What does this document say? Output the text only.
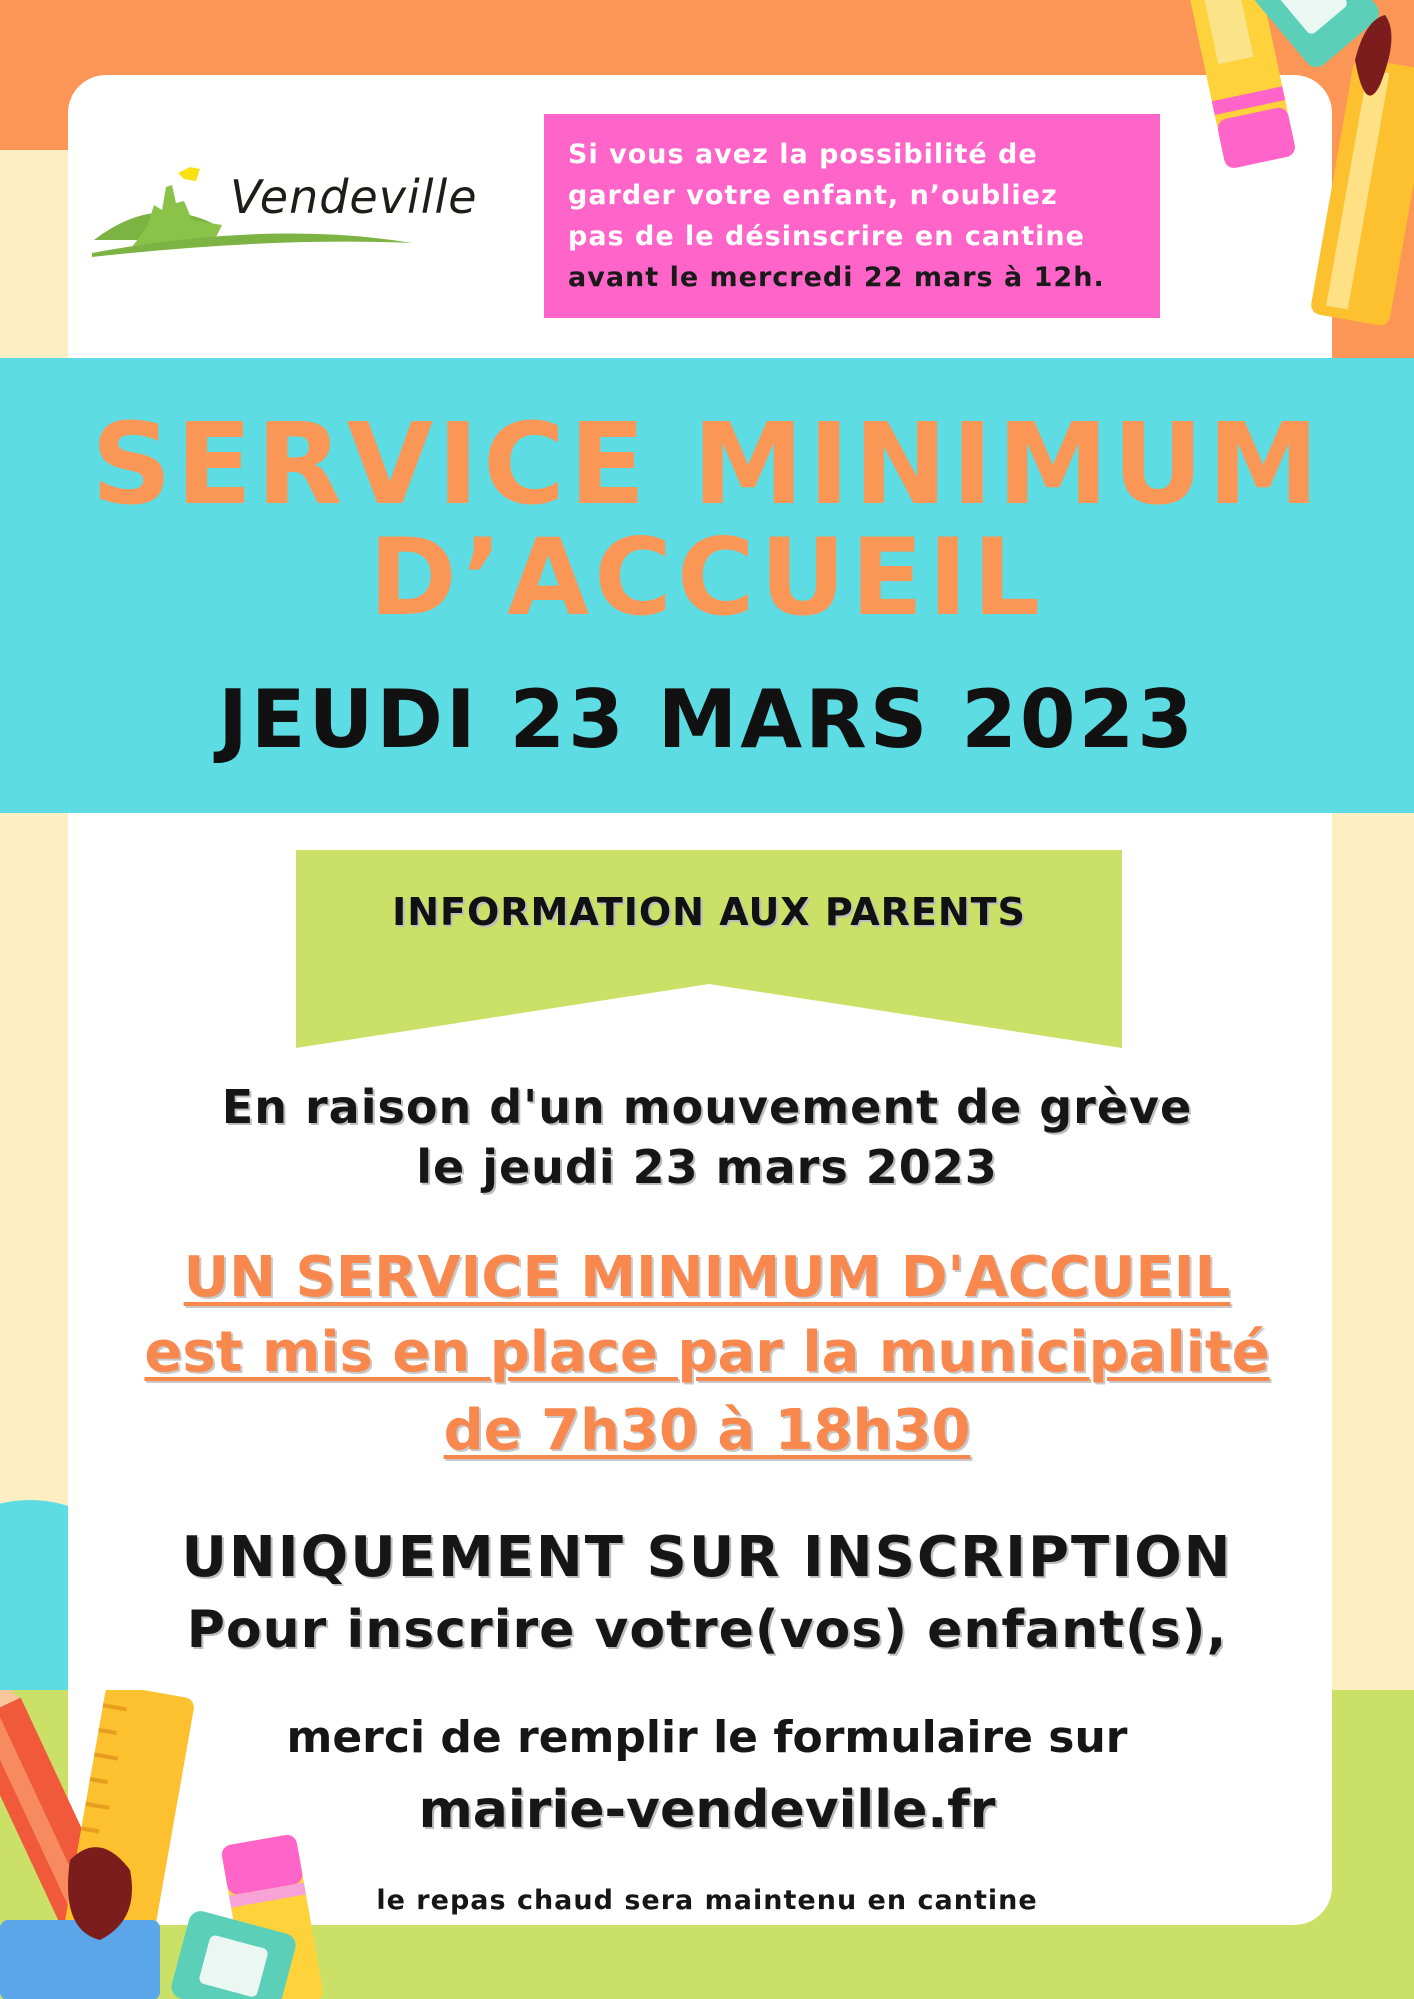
Vendeville
Si vous avez la possibilité de
garder votre enfant, n’oubliez
pas de le désinscrire en cantine
avant le mercredi 22 mars à 12h.
SERVICE MINIMUM
D’ACCUEIL
JEUDI 23 MARS 2023
INFORMATION AUX PARENTS
En raison d'un mouvement de grève
le jeudi 23 mars 2023
UN SERVICE MINIMUM D'ACCUEIL
est mis en place par la municipalité
de 7h30 à 18h30
UNIQUEMENT SUR INSCRIPTION
Pour inscrire votre(vos) enfant(s),
merci de remplir le formulaire sur
mairie-vendeville.fr
le repas chaud sera maintenu en cantine
